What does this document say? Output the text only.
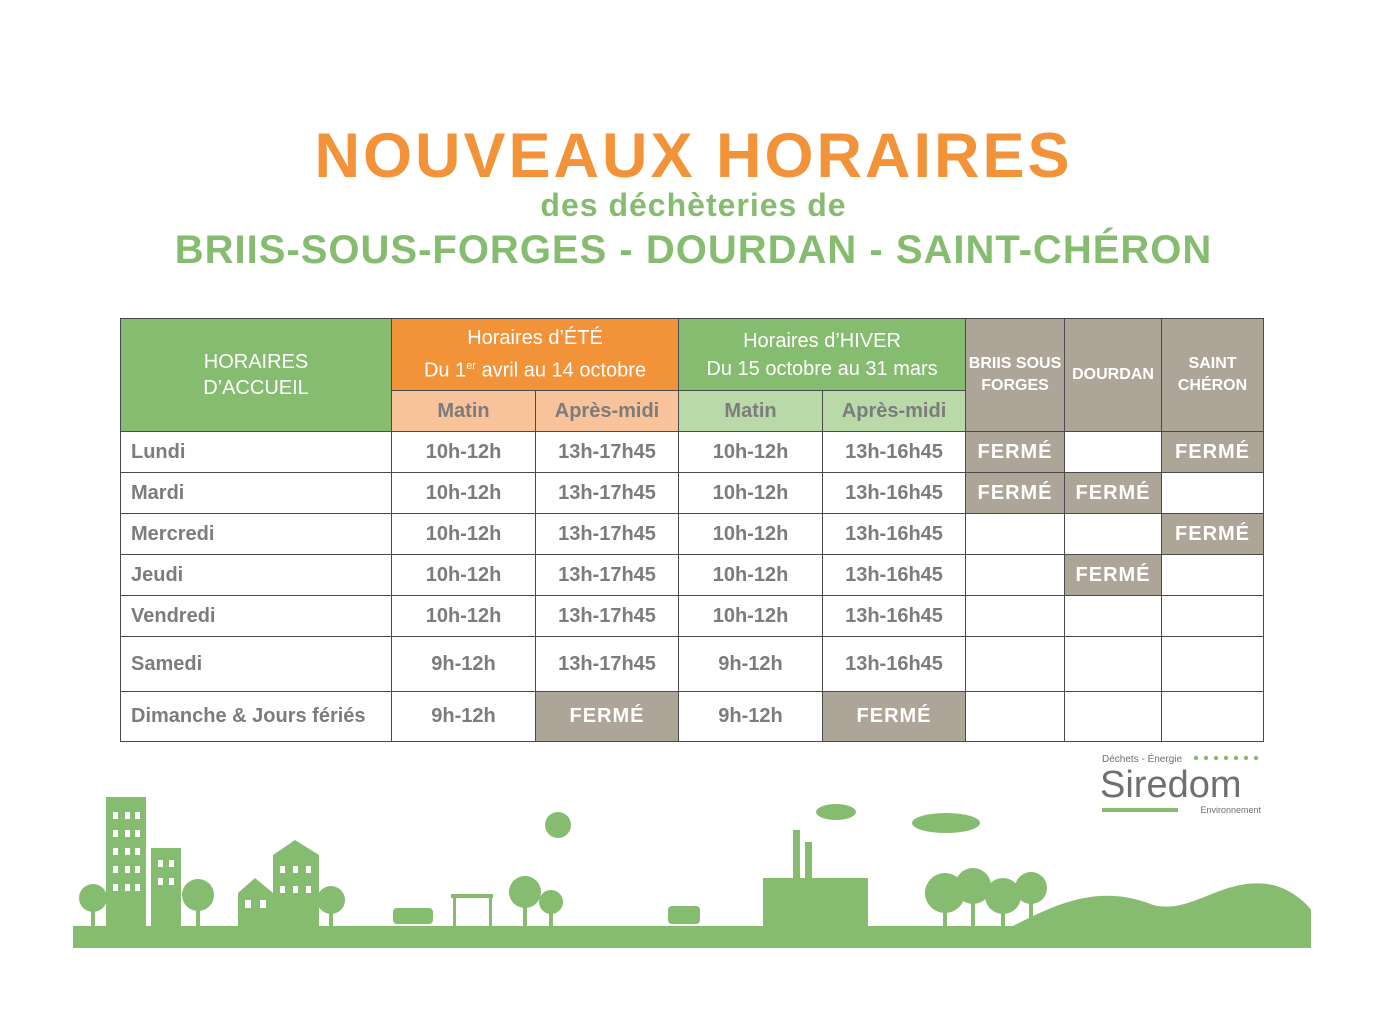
NOUVEAUX HORAIRES
des déchèteries de
BRIIS-SOUS-FORGES - DOURDAN - SAINT-CHÉRON
HORAIRES
D’ACCUEIL	Horaires d’ÉTÉ
Du 1er avril au 14 octobre		Horaires d’HIVER
Du 15 octobre au 31 mars		BRIIS SOUS FORGES	DOURDAN	SAINT CHÉRON
	Matin	Après-midi	Matin	Après-midi			
Lundi	10h-12h	13h-17h45	10h-12h	13h-16h45	FERMÉ		FERMÉ
Mardi	10h-12h	13h-17h45	10h-12h	13h-16h45	FERMÉ	FERMÉ	
Mercredi	10h-12h	13h-17h45	10h-12h	13h-16h45			FERMÉ
Jeudi	10h-12h	13h-17h45	10h-12h	13h-16h45		FERMÉ	
Vendredi	10h-12h	13h-17h45	10h-12h	13h-16h45			
Samedi	9h-12h	13h-17h45	9h-12h	13h-16h45			
Dimanche & Jours fériés	9h-12h	FERMÉ	9h-12h	FERMÉ			
Déchets - Énergie
Siredom
Environnement
